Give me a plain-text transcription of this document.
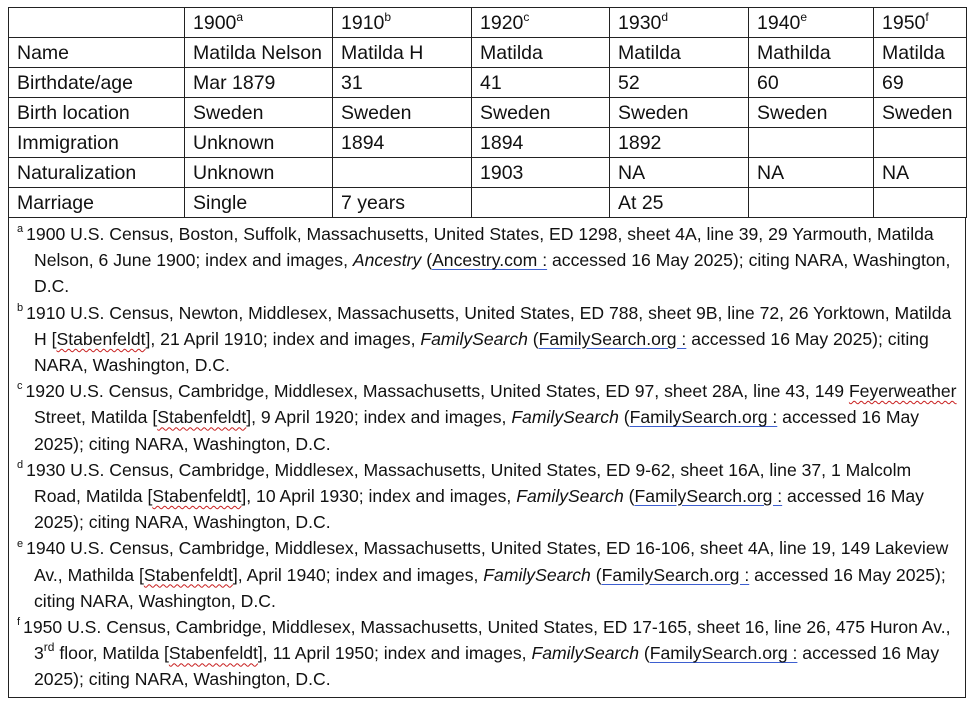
	1900$^a$	1910$^b$	1920$^c$	1930$^d$	1940e	1950$^f$
Name	Matilda Nelson	Matilda H	Matilda	Matilda	Mathilda	Matilda
Birthdate/age	Mar 1879	31	41	52	60	69
Birth location	Sweden	Sweden	Sweden	Sweden	Sweden	Sweden
Immigration	Unknown	1894	1894	1892		
Naturalization	Unknown		1903	NA	NA	NA
Marriage	Single	7 years		At 25		

$^a$ 1900 U.S. Census, Boston, Suffolk, Massachusetts, United States, ED 1298, sheet 4A, line 39, 29 Yarmouth, Matilda Nelson, 6 June 1900; index and images, Ancestry (Ancestry.com : accessed 16 May 2025); citing NARA, Washington, D.C.

$^b$ 1910 U.S. Census, Newton, Middlesex, Massachusetts, United States, ED 788, sheet 9B, line 72, 26 Yorktown, Matilda H [Stabenfeldt], 21 April 1910; index and images, FamilySearch (FamilySearch.org : accessed 16 May 2025); citing NARA, Washington, D.C.

$^c$ 1920 U.S. Census, Cambridge, Middlesex, Massachusetts, United States, ED 97, sheet 28A, line 43, 149 Feyerweather Street, Matilda [Stabenfeldt], 9 April 1920; index and images, FamilySearch (FamilySearch.org : accessed 16 May 2025); citing NARA, Washington, D.C.

$^d$ 1930 U.S. Census, Cambridge, Middlesex, Massachusetts, United States, ED 9-62, sheet 16A, line 37, 1 Malcolm Road, Matilda [Stabenfeldt], 10 April 1930; index and images, FamilySearch (FamilySearch.org : accessed 16 May 2025); citing NARA, Washington, D.C.

$^e$ 1940 U.S. Census, Cambridge, Middlesex, Massachusetts, United States, ED 16-106, sheet 4A, line 19, 149 Lakeview Av., Mathilda [Stabenfeldt], April 1940; index and images, FamilySearch (FamilySearch.org : accessed 16 May 2025); citing NARA, Washington, D.C.

$^f$ 1950 U.S. Census, Cambridge, Middlesex, Massachusetts, United States, ED 17-165, sheet 16, line 26, 475 Huron Av., 3rd floor, Matilda [Stabenfeldt], 11 April 1950; index and images, FamilySearch (FamilySearch.org : accessed 16 May 2025); citing NARA, Washington, D.C.
